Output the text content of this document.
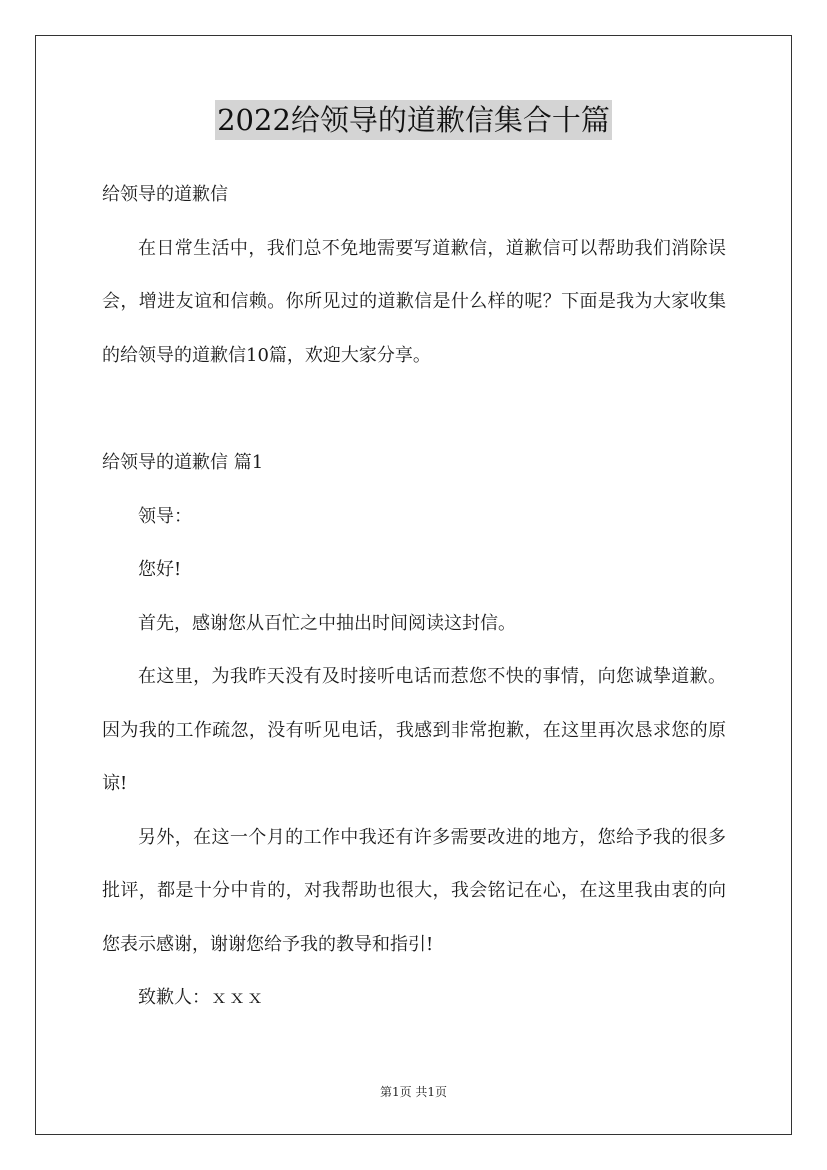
2022给领导的道歉信集合十篇

给领导的道歉信

在日常生活中，我们总不免地需要写道歉信，道歉信可以帮助我们消除误会，增进友谊和信赖。你所见过的道歉信是什么样的呢？下面是我为大家收集的给领导的道歉信10篇，欢迎大家分享。

给领导的道歉信 篇1

领导：

您好!

首先，感谢您从百忙之中抽出时间阅读这封信。

在这里，为我昨天没有及时接听电话而惹您不快的事情，向您诚挚道歉。因为我的工作疏忽，没有听见电话，我感到非常抱歉，在这里再次恳求您的原谅!

另外，在这一个月的工作中我还有许多需要改进的地方，您给予我的很多批评，都是十分中肯的，对我帮助也很大，我会铭记在心，在这里我由衷的向您表示感谢，谢谢您给予我的教导和指引!

致歉人：ｘｘｘ

第1页 共1页
